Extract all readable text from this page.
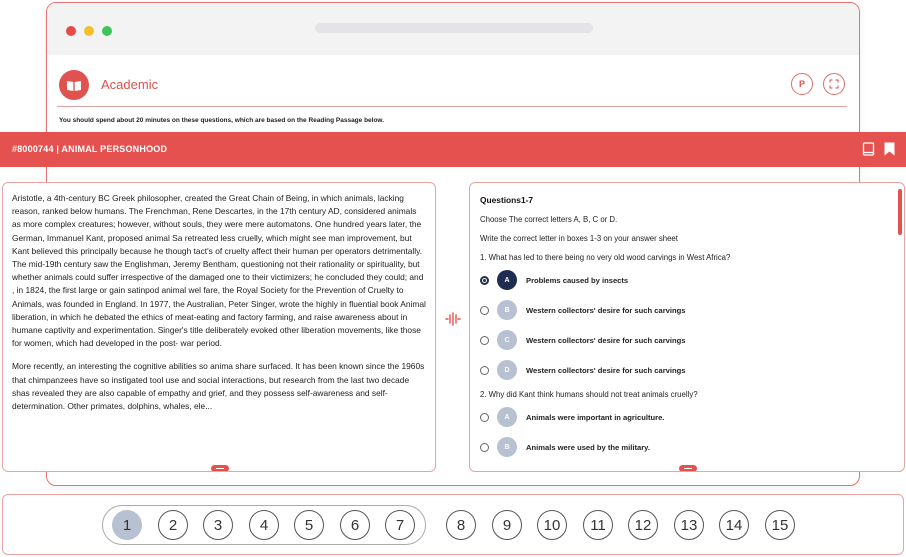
Academic	P
You should spend about 20 minutes on these questions, which are based on the Reading Passage below.
#8000744 | ANIMAL PERSONHOOD

Aristotle, a 4th-century BC Greek philosopher, created the Great Chain of Being, in which animals, lacking reason, ranked below humans. The Frenchman, Rene Descartes, in the 17th century AD, considered animals as more complex creatures; however, without souls, they were mere automatons. One hundred years later, the German, Immanuel Kant, proposed animal Sa retreated less cruelly, which might see man improvement, but Kant believed this principally because he though tact's of cruelty affect their human per operators detrimentally. The mid-19th century saw the Englishman, Jeremy Bentham, questioning not their rationality or spirituality, but whether animals could suffer irrespective of the damaged one to their victimizers; he concluded they could; and , in 1824, the first large or gain satinpod animal wel fare, the Royal Society for the Prevention of Cruelty to Animals, was founded in England. In 1977, the Australian, Peter Singer, wrote the highly in fluential book Animal liberation, in which he debated the ethics of meat-eating and factory farming, and raise awareness about in humane captivity and experimentation. Singer's title deliberately evoked other liberation movements, like those for women, which had developed in the post- war period.

More recently, an interesting the cognitive abilities so anima share surfaced. It has been known since the 1960s that chimpanzees have so instigated tool use and social interactions, but research from the last two decade shas revealed they are also capable of empathy and grief, and they possess self-awareness and self-determination. Other primates, dolphins, whales, ele...

Questions1-7
Choose The correct letters A, B, C or D.
Write the correct letter in boxes 1-3 on your answer sheet
1. What has led to there being no very old wood carvings in West Africa?
A	Problems caused by insects
B	Western collectors' desire for such carvings
C	Western collectors' desire for such carvings
D	Western collectors' desire for such carvings
2. Why did Kant think humans should not treat animals cruelly?
A	Animals were important in agriculture.
B	Animals were used by the military.
1	2	3	4	5	6	7	8	9	10	11	12	13	14	15
